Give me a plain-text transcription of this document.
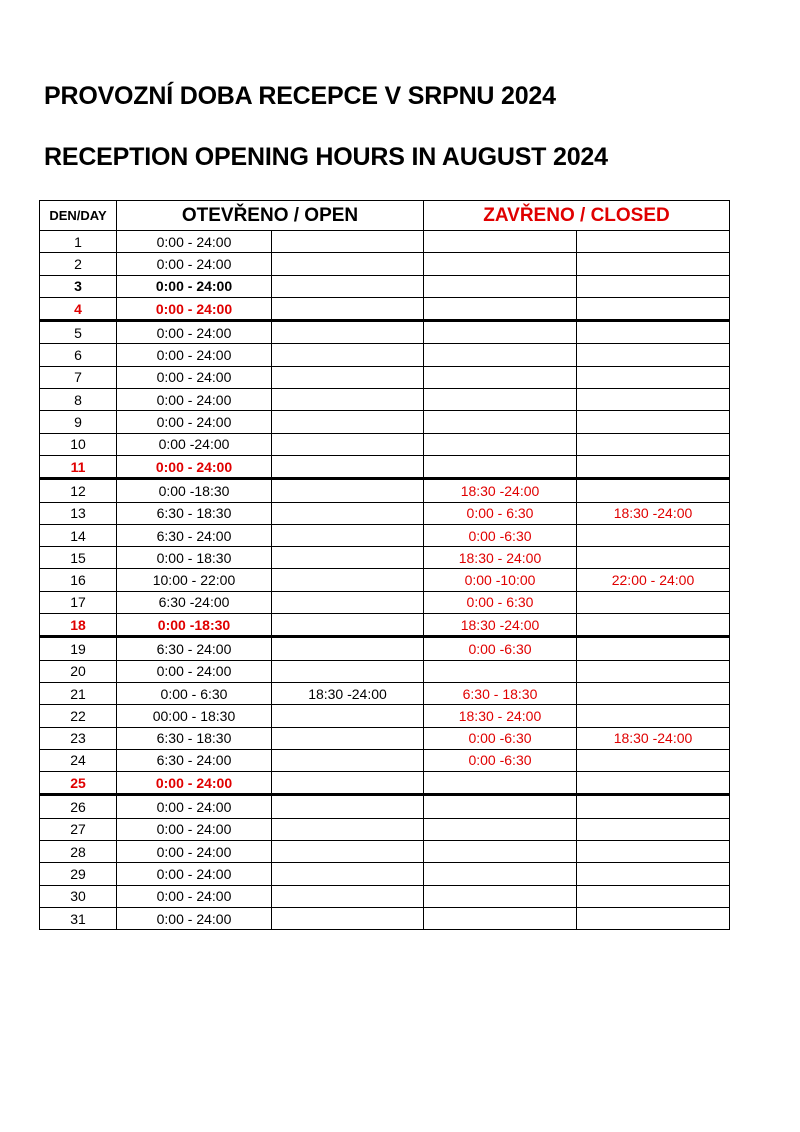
PROVOZNÍ DOBA RECEPCE V SRPNU 2024
RECEPTION OPENING HOURS IN AUGUST 2024
DEN/DAY	OTEVŘENO / OPEN		ZAVŘENO / CLOSED	
1	0:00 - 24:00			
2	0:00 - 24:00			
3	0:00 - 24:00			
4	0:00 - 24:00			
5	0:00 - 24:00			
6	0:00 - 24:00			
7	0:00 - 24:00			
8	0:00 - 24:00			
9	0:00 - 24:00			
10	0:00 -24:00			
11	0:00 - 24:00			
12	0:00 -18:30		18:30 -24:00	
13	6:30 - 18:30		0:00 - 6:30	18:30 -24:00
14	6:30 - 24:00		0:00 -6:30	
15	0:00 - 18:30		18:30 - 24:00	
16	10:00 - 22:00		0:00 -10:00	22:00 - 24:00
17	6:30 -24:00		0:00 - 6:30	
18	0:00 -18:30		18:30 -24:00	
19	6:30 - 24:00		0:00 -6:30	
20	0:00 - 24:00			
21	0:00 - 6:30	18:30 -24:00	6:30 - 18:30	
22	00:00 - 18:30		18:30 - 24:00	
23	6:30 - 18:30		0:00 -6:30	18:30 -24:00
24	6:30 - 24:00		0:00 -6:30	
25	0:00 - 24:00			
26	0:00 - 24:00			
27	0:00 - 24:00			
28	0:00 - 24:00			
29	0:00 - 24:00			
30	0:00 - 24:00			
31	0:00 - 24:00			
